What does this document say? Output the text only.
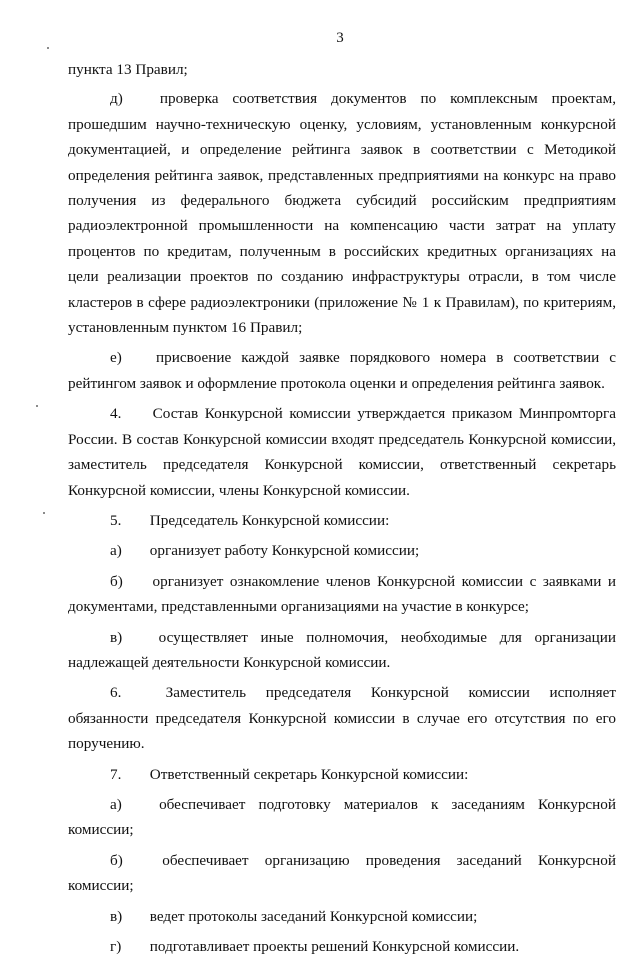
3

пункта 13 Правил;

д) проверка соответствия документов по комплексным проектам, прошедшим научно-техническую оценку, условиям, установленным конкурсной документацией, и определение рейтинга заявок в соответствии с Методикой определения рейтинга заявок, представленных предприятиями на конкурс на право получения из федерального бюджета субсидий российским предприятиям радиоэлектронной промышленности на компенсацию части затрат на уплату процентов по кредитам, полученным в российских кредитных организациях на цели реализации проектов по созданию инфраструктуры отрасли, в том числе кластеров в сфере радиоэлектроники (приложение № 1 к Правилам), по критериям, установленным пунктом 16 Правил;

е) присвоение каждой заявке порядкового номера в соответствии с рейтингом заявок и оформление протокола оценки и определения рейтинга заявок.

4. Состав Конкурсной комиссии утверждается приказом Минпромторга России. В состав Конкурсной комиссии входят председатель Конкурсной комиссии, заместитель председателя Конкурсной комиссии, ответственный секретарь Конкурсной комиссии, члены Конкурсной комиссии.

5. Председатель Конкурсной комиссии:

а) организует работу Конкурсной комиссии;

б) организует ознакомление членов Конкурсной комиссии с заявками и документами, представленными организациями на участие в конкурсе;

в) осуществляет иные полномочия, необходимые для организации надлежащей деятельности Конкурсной комиссии.

6.	Заместитель председателя Конкурсной комиссии исполняет обязанности председателя Конкурсной комиссии в случае его отсутствия по его поручению.

7. Ответственный секретарь Конкурсной комиссии:

а) обеспечивает подготовку материалов к заседаниям Конкурсной комиссии;

б)	обеспечивает организацию проведения заседаний Конкурсной комиссии;

в) ведет протоколы заседаний Конкурсной комиссии;

г) подготавливает проекты решений Конкурсной комиссии.
